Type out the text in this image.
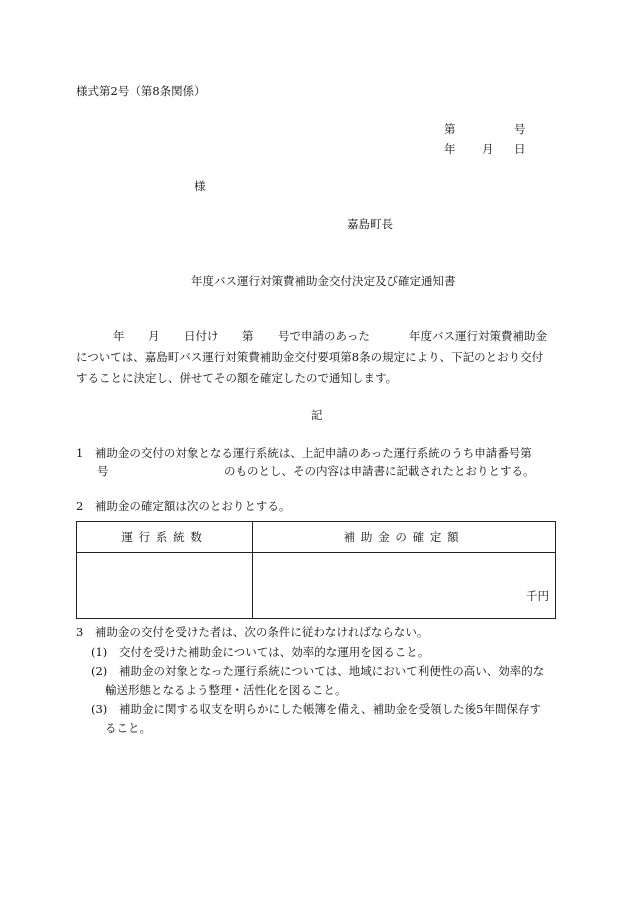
様式第2号（第8条関係）
第	号
年 月 日
様
嘉島町長
年度バス運行対策費補助金交付決定及び確定通知書
年 月 日付け 第 号で申請のあった	年度バス運行対策費補助金
については、嘉島町バス運行対策費補助金交付要項第8条の規定により、下記のとおり交付
することに決定し、併せてその額を確定したので通知します。
記
1　補助金の交付の対象となる運行系統は、上記申請のあった運行系統のうち申請番号第
号	のものとし、その内容は申請書に記載されたとおりとする。
2　補助金の確定額は次のとおりとする。
運行系統数	補助金の確定額
	千円
3　補助金の交付を受けた者は、次の条件に従わなければならない。
(1) 交付を受けた補助金については、効率的な運用を図ること。
(2) 補助金の対象となった運行系統については、地域において利便性の高い、効率的な
輸送形態となるよう整理・活性化を図ること。
(3) 補助金に関する収支を明らかにした帳簿を備え、補助金を受領した後5年間保存す
ること。
